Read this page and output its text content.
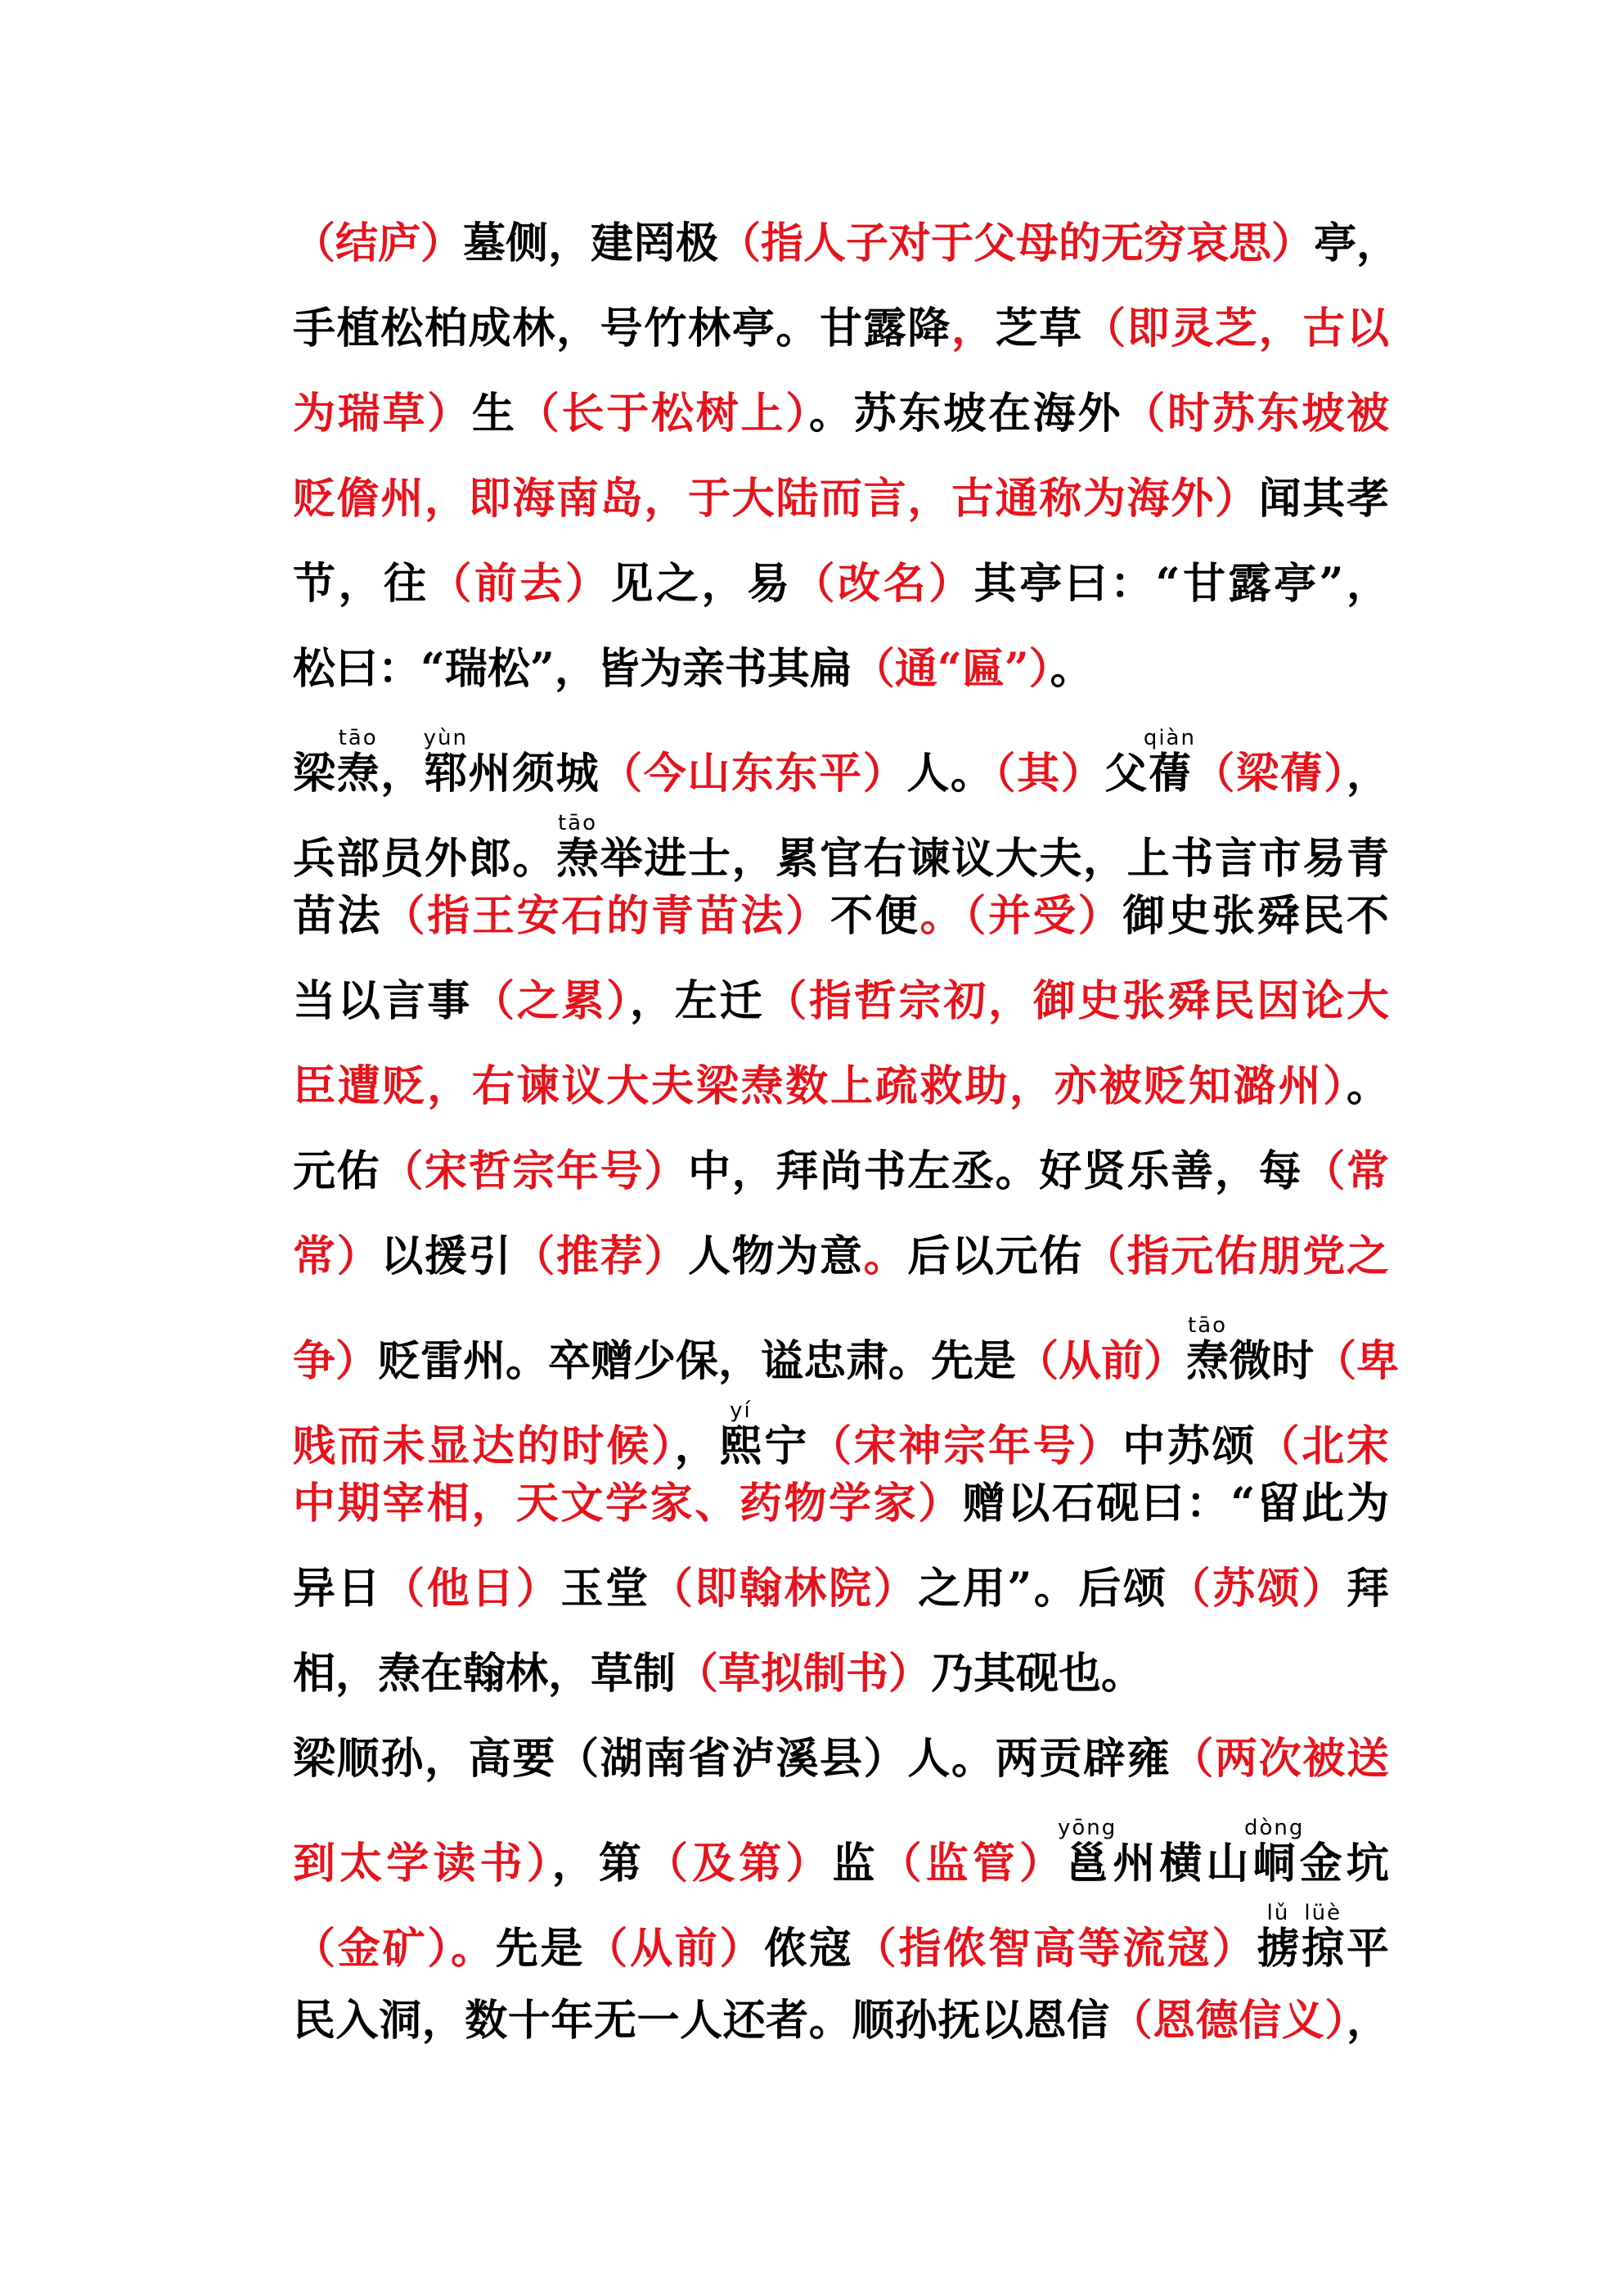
（结庐）墓侧，建罔极（指人子对于父母的无穷哀思）亭，
手植松柏成林，号竹林亭。甘露降，芝草（即灵芝，古以
为瑞草）生（长于松树上）。苏东坡在海外（时苏东坡被
贬儋州，即海南岛，于大陆而言，古通称为海外）闻其孝
节，往（前去）见之，易（改名）其亭曰：“甘露亭”，
松曰：“瑞松”，皆为亲书其扁（通“匾”）。
梁焘tāo，郓yùn州须城（今山东东平）人。（其）父蒨qiàn（梁蒨），
兵部员外郎。焘tāo举进士，累官右谏议大夫，上书言市易青
苗法（指王安石的青苗法）不便。（并受）御史张舜民不
当以言事（之累），左迁（指哲宗初，御史张舜民因论大
臣遭贬，右谏议大夫梁焘数上疏救助，亦被贬知潞州）。
元佑（宋哲宗年号）中，拜尚书左丞。好贤乐善，每（常
常）以援引（推荐）人物为意。后以元佑（指元佑朋党之
争）贬雷州。卒赠少保，谥忠肃。先是（从前）焘tāo微时（卑
贱而未显达的时候），熙yí宁（宋神宗年号）中苏颂（北宋
中期宰相，天文学家、药物学家）赠以石砚曰：“留此为
异日（他日）玉堂（即翰林院）之用”。后颂（苏颂）拜
相，焘在翰林，草制（草拟制书）乃其砚也。
梁顺孙，高要（湖南省泸溪县）人。两贡辟雍（两次被送
到太学读书），第（及第）监（监管）邕yōng州横山峒dòng金坑
（金矿）。先是（从前）侬寇（指侬智高等流寇）掳lǔ掠lüè平
民入洞，数十年无一人还者。顺孙抚以恩信（恩德信义），
